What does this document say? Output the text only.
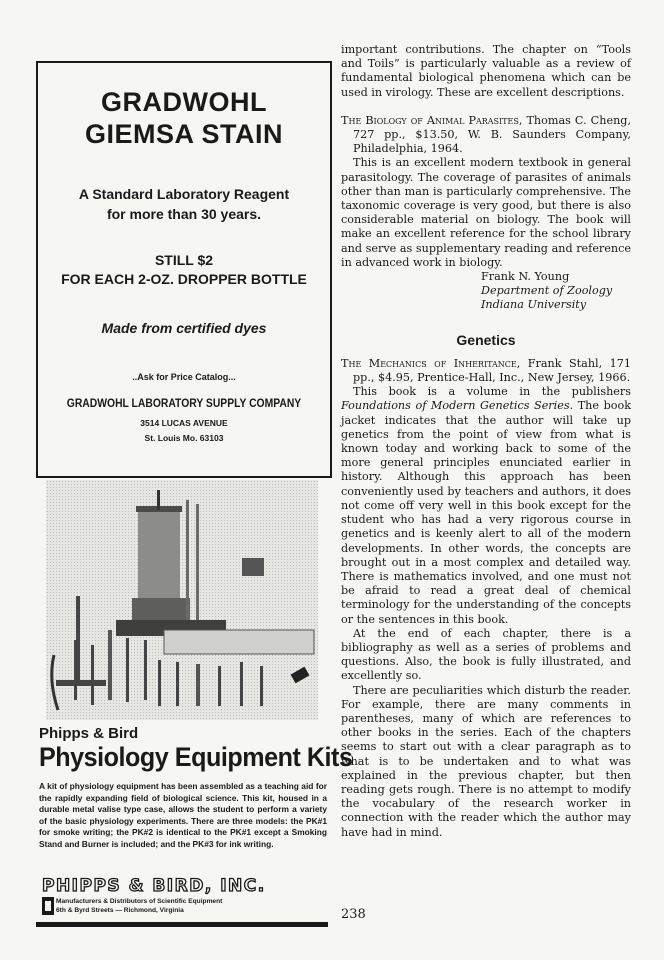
GRADWOHL

GIEMSA STAIN

A Standard Laboratory Reagent

for more than 30 years.

STILL $2

FOR EACH 2-OZ. DROPPER BOTTLE

Made from certified dyes

..Ask for Price Catalog...

GRADWOHL LABORATORY SUPPLY COMPANY

3514 LUCAS AVENUE

St. Louis Mo. 63103

Phipps & Bird

Physiology Equipment Kits

A kit of physiology equipment has been assembled as a teaching aid for the rapidly expanding field of biological science. This kit, housed in a durable metal valise type case, allows the student to perform a variety of the basic physiology experiments. There are three models: the PK#1 for smoke writing; the PK#2 is identical to the PK#1 except a Smoking Stand and Burner is included; and the PK#3 for ink writing.

PHIPPS & BIRD, INC.

Manufacturers & Distributors of Scientific Equipment

6th & Byrd Streets — Richmond, Virginia

important contributions. The chapter on “Tools and Toils” is particularly valuable as a review of fundamental biological phenomena which can be used in virology. These are excellent descriptions.

The Biology of Animal Parasites, Thomas C. Cheng, 727 pp., $13.50, W. B. Saunders Company, Philadelphia, 1964.

This is an excellent modern textbook in general parasitology. The coverage of parasites of animals other than man is particularly comprehensive. The taxonomic coverage is very good, but there is also considerable material on biology. The book will make an excellent reference for the school library and serve as supplementary reading and reference in advanced work in biology.

Frank N. Young

Department of Zoology

Indiana University

Genetics

The Mechanics of Inheritance, Frank Stahl, 171 pp., $4.95, Prentice-Hall, Inc., New Jersey, 1966.

This book is a volume in the publishers Foundations of Modern Genetics Series. The book jacket indicates that the author will take up genetics from the point of view from what is known today and working back to some of the more general principles enunciated earlier in history. Although this approach has been conveniently used by teachers and authors, it does not come off very well in this book except for the student who has had a very rigorous course in genetics and is keenly alert to all of the modern developments. In other words, the concepts are brought out in a most complex and detailed way. There is mathematics involved, and one must not be afraid to read a great deal of chemical terminology for the understanding of the concepts or the sentences in this book.

At the end of each chapter, there is a bibliography as well as a series of problems and questions. Also, the book is fully illustrated, and excellently so.

There are peculiarities which disturb the reader. For example, there are many comments in parentheses, many of which are references to other books in the series. Each of the chapters seems to start out with a clear paragraph as to what is to be undertaken and to what was explained in the previous chapter, but then reading gets rough. There is no attempt to modify the vocabulary of the research worker in connection with the reader which the author may have had in mind.

238
